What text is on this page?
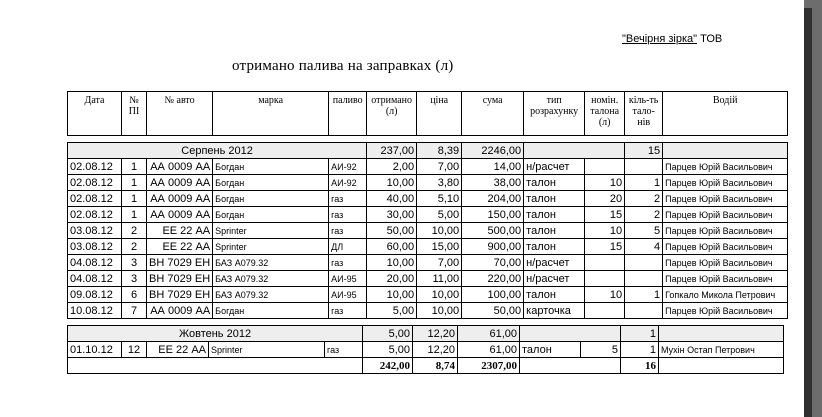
"Вечірня зірка" ТОВ
отримано палива на заправках (л)
Дата	№ ПІ	№ авто	марка	паливо	отримано (л)	ціна	сума	тип розрахунку	номін. талона (л)	кіль-ть тало-нів	Водій

Серпень 2012					237,00	8,39	2246,00			15	
02.08.12	1	АА 0009 АА	Богдан	АИ-92	2,00	7,00	14,00	н/расчет			Парцев Юрій Васильович
02.08.12	1	АА 0009 АА	Богдан	АИ-92	10,00	3,80	38,00	талон	10	1	Парцев Юрій Васильович
02.08.12	1	АА 0009 АА	Богдан	газ	40,00	5,10	204,00	талон	20	2	Парцев Юрій Васильович
02.08.12	1	АА 0009 АА	Богдан	газ	30,00	5,00	150,00	талон	15	2	Парцев Юрій Васильович
03.08.12	2	ЕЕ 22 АА	Sprinter	газ	50,00	10,00	500,00	талон	10	5	Парцев Юрій Васильович
03.08.12	2	ЕЕ 22 АА	Sprinter	ДЛ	60,00	15,00	900,00	талон	15	4	Парцев Юрій Васильович
04.08.12	3	ВН 7029 ЕН	БАЗ А079.32	газ	10,00	7,00	70,00	н/расчет			Парцев Юрій Васильович
04.08.12	3	ВН 7029 ЕН	БАЗ А079.32	АИ-95	20,00	11,00	220,00	н/расчет			Парцев Юрій Васильович
09.08.12	6	ВН 7029 ЕН	БАЗ А079.32	АИ-95	10,00	10,00	100,00	талон	10	1	Гопкало Микола Петрович
10.08.12	7	АА 0009 АА	Богдан	газ	5,00	10,00	50,00	карточка			Парцев Юрій Васильович
Жовтень 2012					5,00	12,20	61,00			1	
01.10.12	12	ЕЕ 22 АА	Sprinter	газ	5,00	12,20	61,00	талон	5	1	Мухін Остап Петрович
					242,00	8,74	2307,00			16	
